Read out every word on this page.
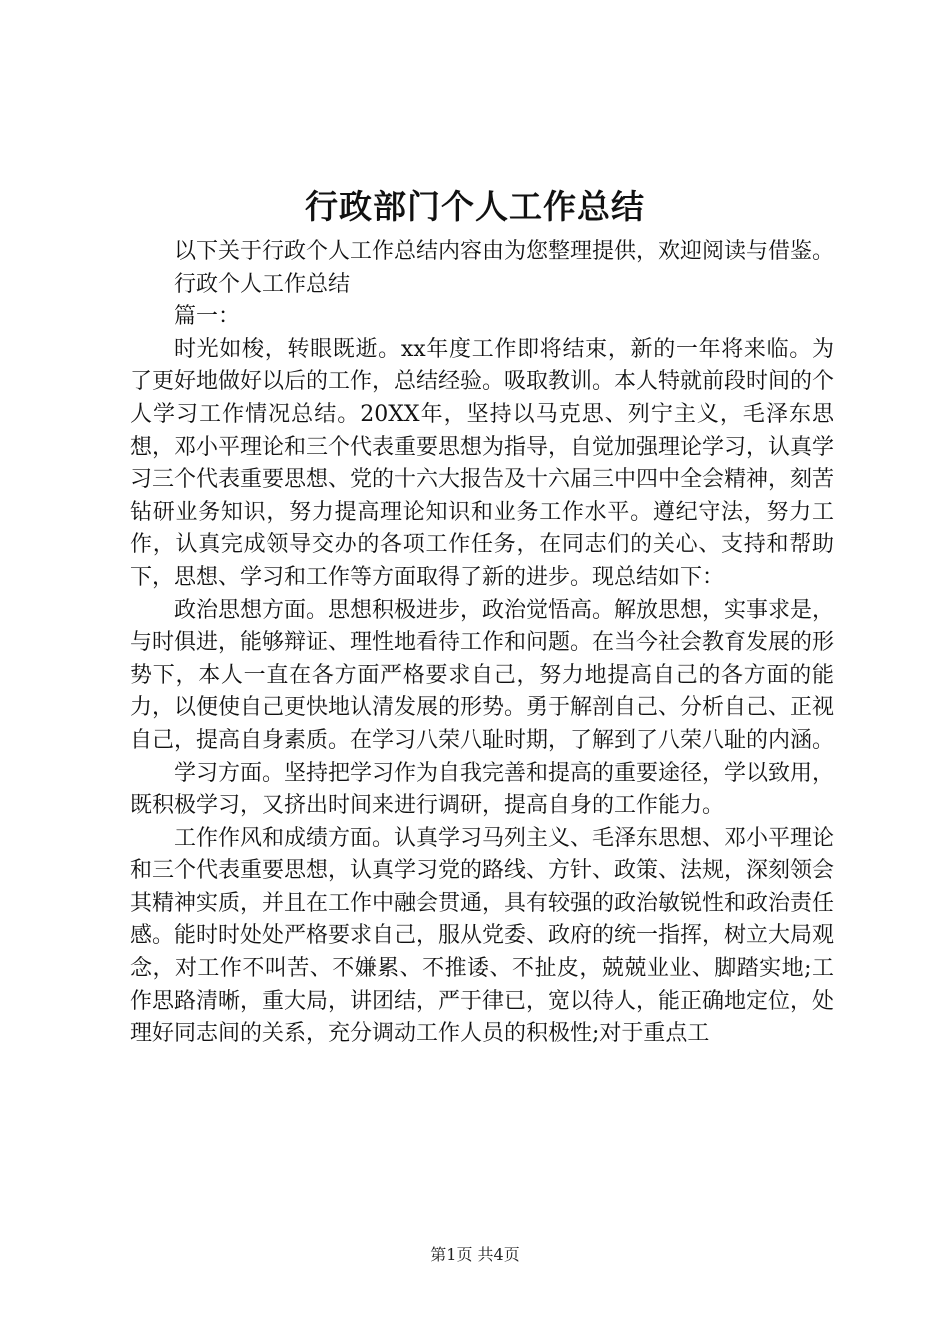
行政部门个人工作总结

以下关于行政个人工作总结内容由为您整理提供，欢迎阅读与借鉴。

行政个人工作总结

篇一：

时光如梭，转眼既逝。xx年度工作即将结束，新的一年将来临。为了更好地做好以后的工作，总结经验。吸取教训。本人特就前段时间的个人学习工作情况总结。20XX年，坚持以马克思、列宁主义，毛泽东思想，邓小平理论和三个代表重要思想为指导，自觉加强理论学习，认真学习三个代表重要思想、党的十六大报告及十六届三中四中全会精神，刻苦钻研业务知识，努力提高理论知识和业务工作水平。遵纪守法，努力工作，认真完成领导交办的各项工作任务，在同志们的关心、支持和帮助下，思想、学习和工作等方面取得了新的进步。现总结如下：

政治思想方面。思想积极进步，政治觉悟高。解放思想，实事求是，与时俱进，能够辩证、理性地看待工作和问题。在当今社会教育发展的形势下，本人一直在各方面严格要求自己，努力地提高自己的各方面的能力，以便使自己更快地认清发展的形势。勇于解剖自己、分析自己、正视自己，提高自身素质。在学习八荣八耻时期，了解到了八荣八耻的内涵。

学习方面。坚持把学习作为自我完善和提高的重要途径，学以致用，既积极学习，又挤出时间来进行调研，提高自身的工作能力。

工作作风和成绩方面。认真学习马列主义、毛泽东思想、邓小平理论和三个代表重要思想，认真学习党的路线、方针、政策、法规，深刻领会其精神实质，并且在工作中融会贯通，具有较强的政治敏锐性和政治责任感。能时时处处严格要求自己，服从党委、政府的统一指挥，树立大局观念，对工作不叫苦、不嫌累、不推诿、不扯皮，兢兢业业、脚踏实地;工作思路清晰，重大局，讲团结，严于律已，宽以待人，能正确地定位，处理好同志间的关系，充分调动工作人员的积极性;对于重点工

第1页 共4页
